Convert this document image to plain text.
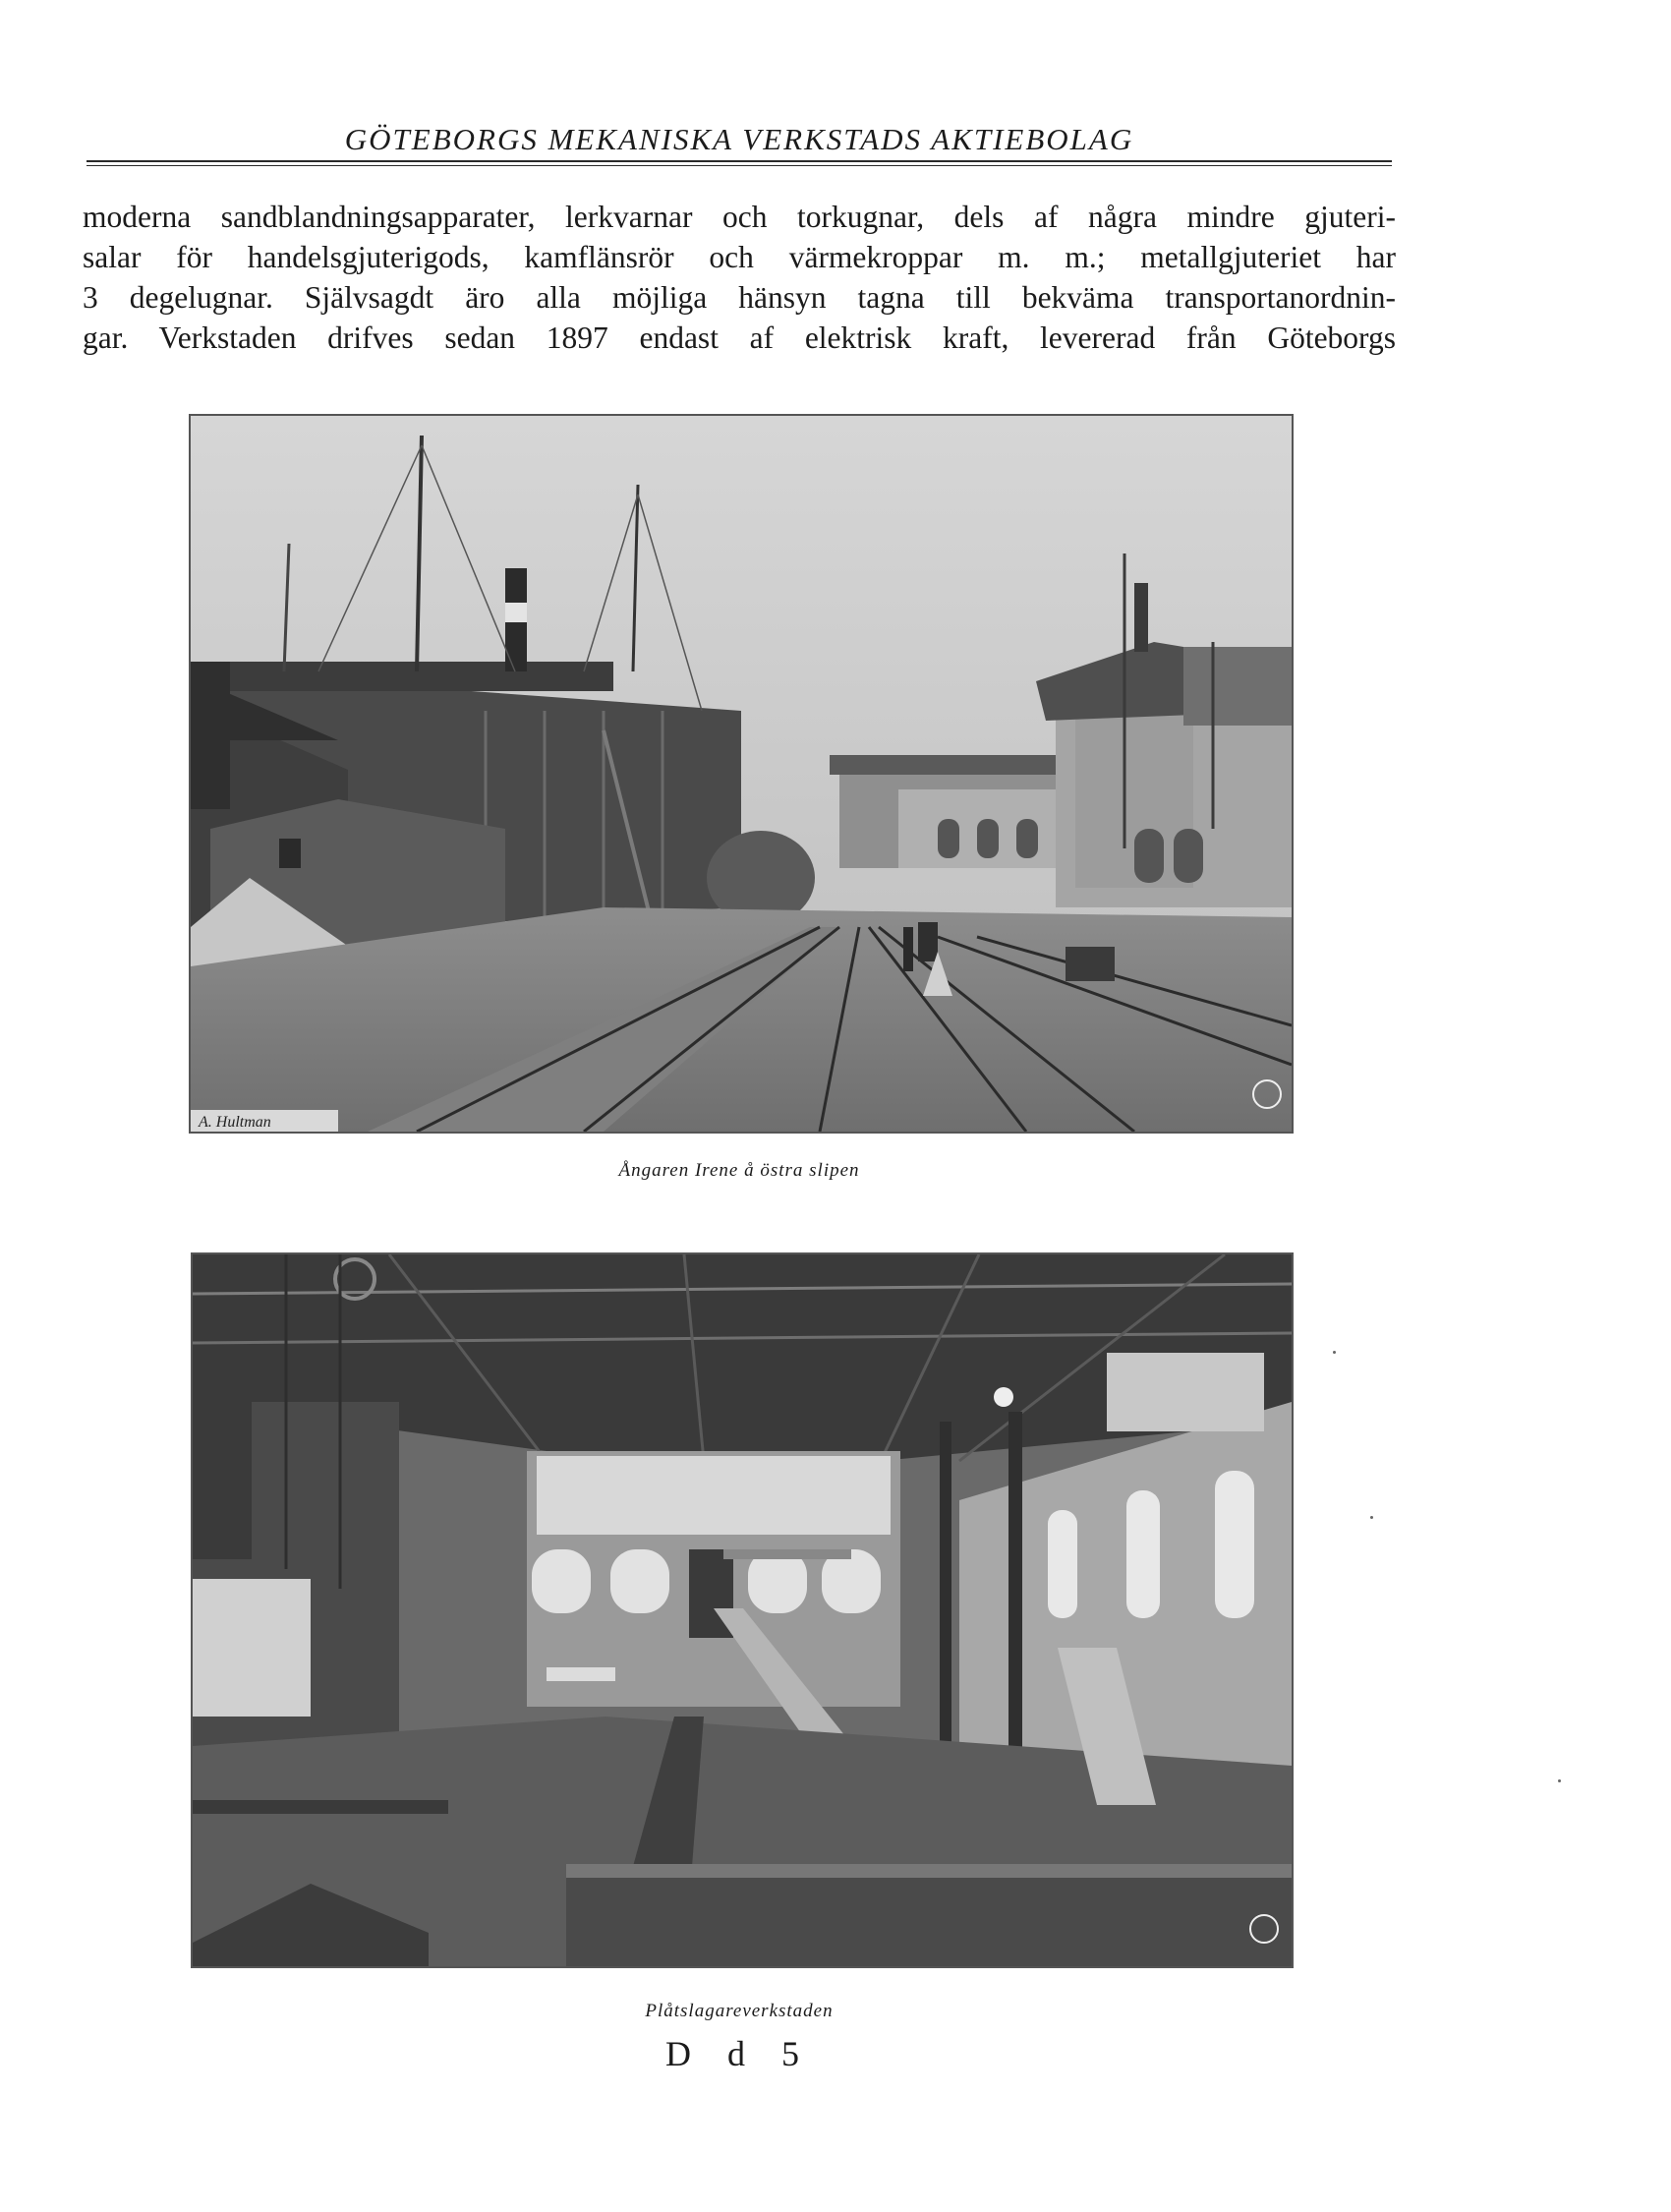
GÖTEBORGS MEKANISKA VERKSTADS AKTIEBOLAG
moderna sandblandningsapparater, lerkvarnar och torkugnar, dels af några mindre gjuteri-
salar för handelsgjuterigods, kamflänsrör och värmekroppar m. m.; metallgjuteriet har
3 degelugnar. Självsagdt äro alla möjliga hänsyn tagna till bekväma transportanordnin-
gar. Verkstaden drifves sedan 1897 endast af elektrisk kraft, levererad från Göteborgs
A. Hultman
Ångaren Irene å östra slipen
Plåtslagareverkstaden
D d 5
